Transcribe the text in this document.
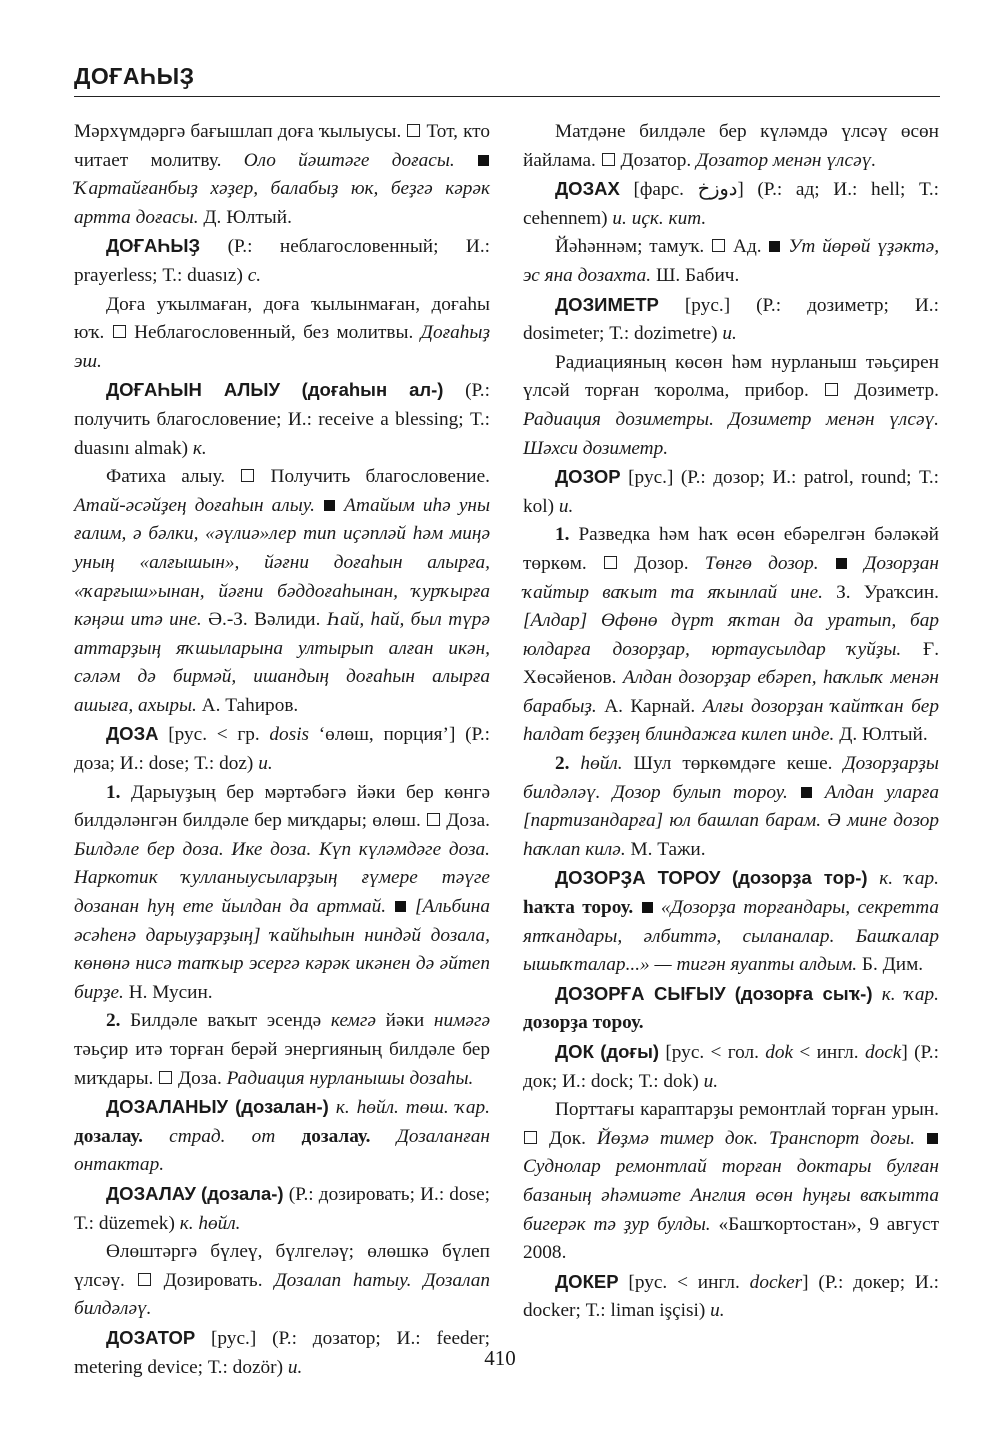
ДОҒАҺЫҘ

Мәрхүмдәргә бағышлап доға ҡылыусы. Тот, кто читает молитву. Оло йәштәге доғасы.  Ҡартайғанбыҙ хәҙер, балабыҙ юк, беҙгә кәрәк артта доғасы. Д. Юлтый.

ДОҒАҺЫҘ (Р.: неблагословенный; И.: prayerless; Т.: duasız) с.

Доға уҡылмаған, доға ҡылынмаған, доғаһы юҡ. Неблагословенный, без молитвы. Доғаһыҙ эш.

ДОҒАҺЫН АЛЫУ (доғаһын ал-) (Р.: получить благословение; И.: receive a blessing; Т.: duasını almak) к.

Фатиха алыу. Получить благословение. Атай-әсәйҙең доғаһын алыу. Атайым иһә уны ғалим, ә бәлки, «әүлиә»лер тип иҫәпләй һәм миңә уның «алғышын», йәғни доғаһын алырға, «ҡарғыш»ынан, йәғни бәддоғаһынан, ҡурҡырға кәңәш итә ине. Ә.-З. Вәлиди. Һай, һай, был түрә аттарҙың яҡшыларына ултырып алған икән, сәләм дә бирмәй, ишандың доғаһын алырға ашыға, ахыры. А. Таһиров.

ДОЗА [рус. < гр. dosis ‘өлөш, порция’] (Р.: доза; И.: dose; Т.: doz) и.

1. Дарыуҙың бер мәртәбәгә йәки бер көнгә билдәләнгән билдәле бер миҡдары; өлөш. Доза. Билдәле бер доза. Ике доза. Күп күләмдәге доза. Наркотик ҡулланыусыларҙың ғүмере тәүге дозанан һуң ете йылдан да артмай. [Альбина әсәһенә дарыуҙарҙың] ҡайһыһын ниндәй дозала, көнөнә нисә тапҡыр эсергә кәрәк икәнен дә әйтеп бирҙе. Н. Мусин.

2. Билдәле ваҡыт эсендә кемгә йәки нимәгә тәьҫир итә торған берәй энергияның билдәле бер миҡдары. Доза. Радиация нурланышы дозаһы.

ДОЗАЛАНЫУ (дозалан-) к. һөйл. төш. ҡар. дозалау. страд. от дозалау. Дозаланған онтактар.

ДОЗАЛАУ (дозала-) (Р.: дозировать; И.: dose; Т.: düzemek) к. һөйл.

Өлөштәргә бүлеү, бүлгеләү; өлөшкә бүлеп үлсәү. Дозировать. Дозалап һатыу. Дозалап билдәләү.

ДОЗАТОР [рус.] (Р.: дозатор; И.: feeder; metering device; Т.: dozör) и.

Матдәне билдәле бер күләмдә үлсәү өсөн йайлама. Дозатор. Дозатор менән үлсәү.

ДОЗАХ [фарс. دوزخ] (Р.: ад; И.: hell; Т.: cehennem) и. иҫк. кит.

Йәһәннәм; тамуҡ. Ад. Ут йөрөй үҙәктә, эс яна дозахта. Ш. Бабич.

ДОЗИМЕТР [рус.] (Р.: дозиметр; И.: dosimeter; Т.: dozimetre) и.

Радиацияның көсөн һәм нурланыш тәьҫирен үлсәй торған ҡоролма, прибор. Дозиметр. Радиация дозиметры. Дозиметр менән үлсәү. Шәхси дозиметр.

ДОЗОР [рус.] (Р.: дозор; И.: patrol, round; Т.: kol) и.

1. Разведка һәм һаҡ өсөн ебәрелгән бәләкәй төркөм. Дозор. Төнгө дозор. Дозорҙан ҡайтыр ваҡыт та яҡынлай ине. З. Ураҡсин. [Алдар] Өфөнө дүрт яҡтан да уратып, бар юлдарға дозорҙар, юртаусылдар ҡуйҙы. Ғ. Хөсәйенов. Алдан дозорҙар ебәреп, һаҡлыҡ менән барабыҙ. А. Карнай. Алғы дозорҙан ҡайтҡан бер һалдат беҙҙең блиндажға килеп инде. Д. Юлтый.

2. һөйл. Шул төркөмдәге кеше. Дозорҙарҙы билдәләү. Дозор булып тороу. Алдан уларға [партизандарға] юл башлап барам. Ә мине дозор һаҡлап килә. М. Тажи.

ДОЗОРҘА ТОРОУ (дозорҙа тор-) к. ҡар. һаҡта тороу. «Дозорҙа торғандары, секретта ятҡандары, әлбиттә, сыланалар. Башҡалар ышыҡталар...» — тигән яуапты алдым. Б. Дим.

ДОЗОРҒА СЫҒЫУ (дозорға сыҡ-) к. ҡар. дозорҙа тороу.

ДОК (доғы) [рус. < гол. dok < ингл. dock] (Р.: док; И.: dock; Т.: dok) и.

Порттағы караптарҙы ремонтлай торған урын.  Док. Йөҙмә тимер док. Транспорт доғы.  Суднолар ремонтлай торған доктары булған базаның әһәмиәте Англия өсөн һуңғы ваҡытта бигерәк тә ҙур булды. «Башҡортостан», 9 август 2008.

ДОКЕР [рус. < ингл. docker] (Р.: докер; И.: docker; Т.: liman işçisi) и.

410
